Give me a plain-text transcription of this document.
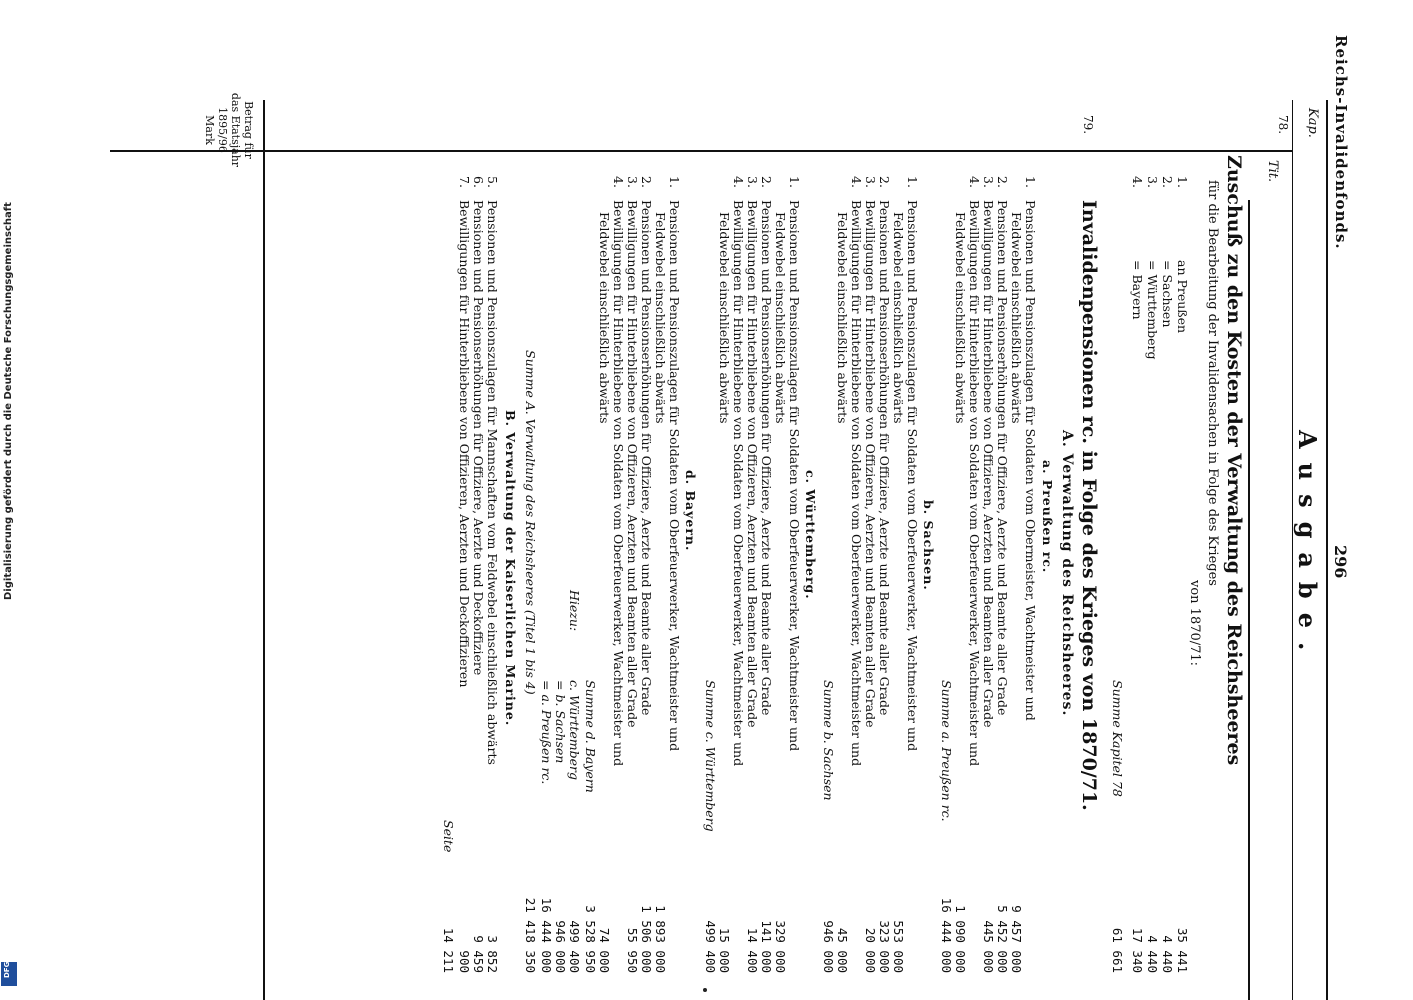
Reichs-Invalidenfonds.
296
Ausgabe.
Kap.
Tit.
Betrag für
das Etatsjahr
1895/96
Mark	78.
Zuschuß zu den Kosten der Verwaltung des Reichsheeres
für die Bearbeitung der Invalidensachen in Folge des Krieges
von 1870/71:
1.
an Preußen
2.
= Sachsen
3.
= Württemberg
4.
= Bayern
35 441
4 440
4 440
17 340
Summe Kapitel 78
61 661
79.
Invalidenpensionen rc. in Folge des Krieges von 1870/71.
A. Verwaltung des Reichsheeres.
a. Preußen rc.
1.
Pensionen und Pensionszulagen für Soldaten vom Obermeister, Wachtmeister und
Feldwebel einschließlich abwärts
9 457 000
2.
Pensionen und Pensionserhöhungen für Offiziere, Aerzte und Beamte aller Grade
5 452 000
3.
Bewilligungen für Hinterbliebene von Offizieren, Aerzten und Beamten aller Grade
445 000
4.
Bewilligungen für Hinterbliebene von Soldaten vom Oberfeuerwerker, Wachtmeister und
Feldwebel einschließlich abwärts
1 090 000
Summe a. Preußen rc.
16 444 000
b. Sachsen.
1.
Pensionen und Pensionszulagen für Soldaten vom Oberfeuerwerker, Wachtmeister und
Feldwebel einschließlich abwärts
553 000
2.
Pensionen und Pensionserhöhungen für Offiziere, Aerzte und Beamte aller Grade
323 000
3.
Bewilligungen für Hinterbliebene von Offizieren, Aerzten und Beamten aller Grade
20 000
4.
Bewilligungen für Hinterbliebene von Soldaten vom Oberfeuerwerker, Wachtmeister und
Feldwebel einschließlich abwärts
45 000
Summe b. Sachsen
946 000
c. Württemberg.
1.
Pensionen und Pensionszulagen für Soldaten vom Oberfeuerwerker, Wachtmeister und
Feldwebel einschließlich abwärts
329 000
2.
Pensionen und Pensionserhöhungen für Offiziere, Aerzte und Beamte aller Grade
141 000
3.
Bewilligungen für Hinterbliebene von Offizieren, Aerzten und Beamten aller Grade
14 400
4.
Bewilligungen für Hinterbliebene von Soldaten vom Oberfeuerwerker, Wachtmeister und
Feldwebel einschließlich abwärts
15 000
Summe c. Württemberg
499 400
d. Bayern.
1.
Pensionen und Pensionszulagen für Soldaten vom Oberfeuerwerker, Wachtmeister und
Feldwebel einschließlich abwärts
1 893 000
2.
Pensionen und Pensionserhöhungen für Offiziere, Aerzte und Beamte aller Grade
1 506 000
3.
Bewilligungen für Hinterbliebene von Offizieren, Aerzten und Beamten aller Grade
55 950
4.
Bewilligungen für Hinterbliebene von Soldaten vom Oberfeuerwerker, Wachtmeister und
Feldwebel einschließlich abwärts
74 000
Summe d. Bayern
3 528 950
Hiezu:
c. Württemberg
499 400
= b. Sachsen
946 000
= a. Preußen rc.
16 444 000
Summe A. Verwaltung des Reichsheeres (Titel 1 bis 4)
21 418 350
B. Verwaltung der Kaiserlichen Marine.
5.
Pensionen und Pensionszulagen für Mannschaften vom Feldwebel einschließlich abwärts
3 852
6.
Pensionen und Pensionserhöhungen für Offiziere, Aerzte und Deckoffiziere
9 459
7.
Bewilligungen für Hinterbliebene von Offizieren, Aerzten und Deckoffizieren
900
Seite
14 211
Digitalisierung gefördert durch die Deutsche Forschungsgemeinschaft
DFG
